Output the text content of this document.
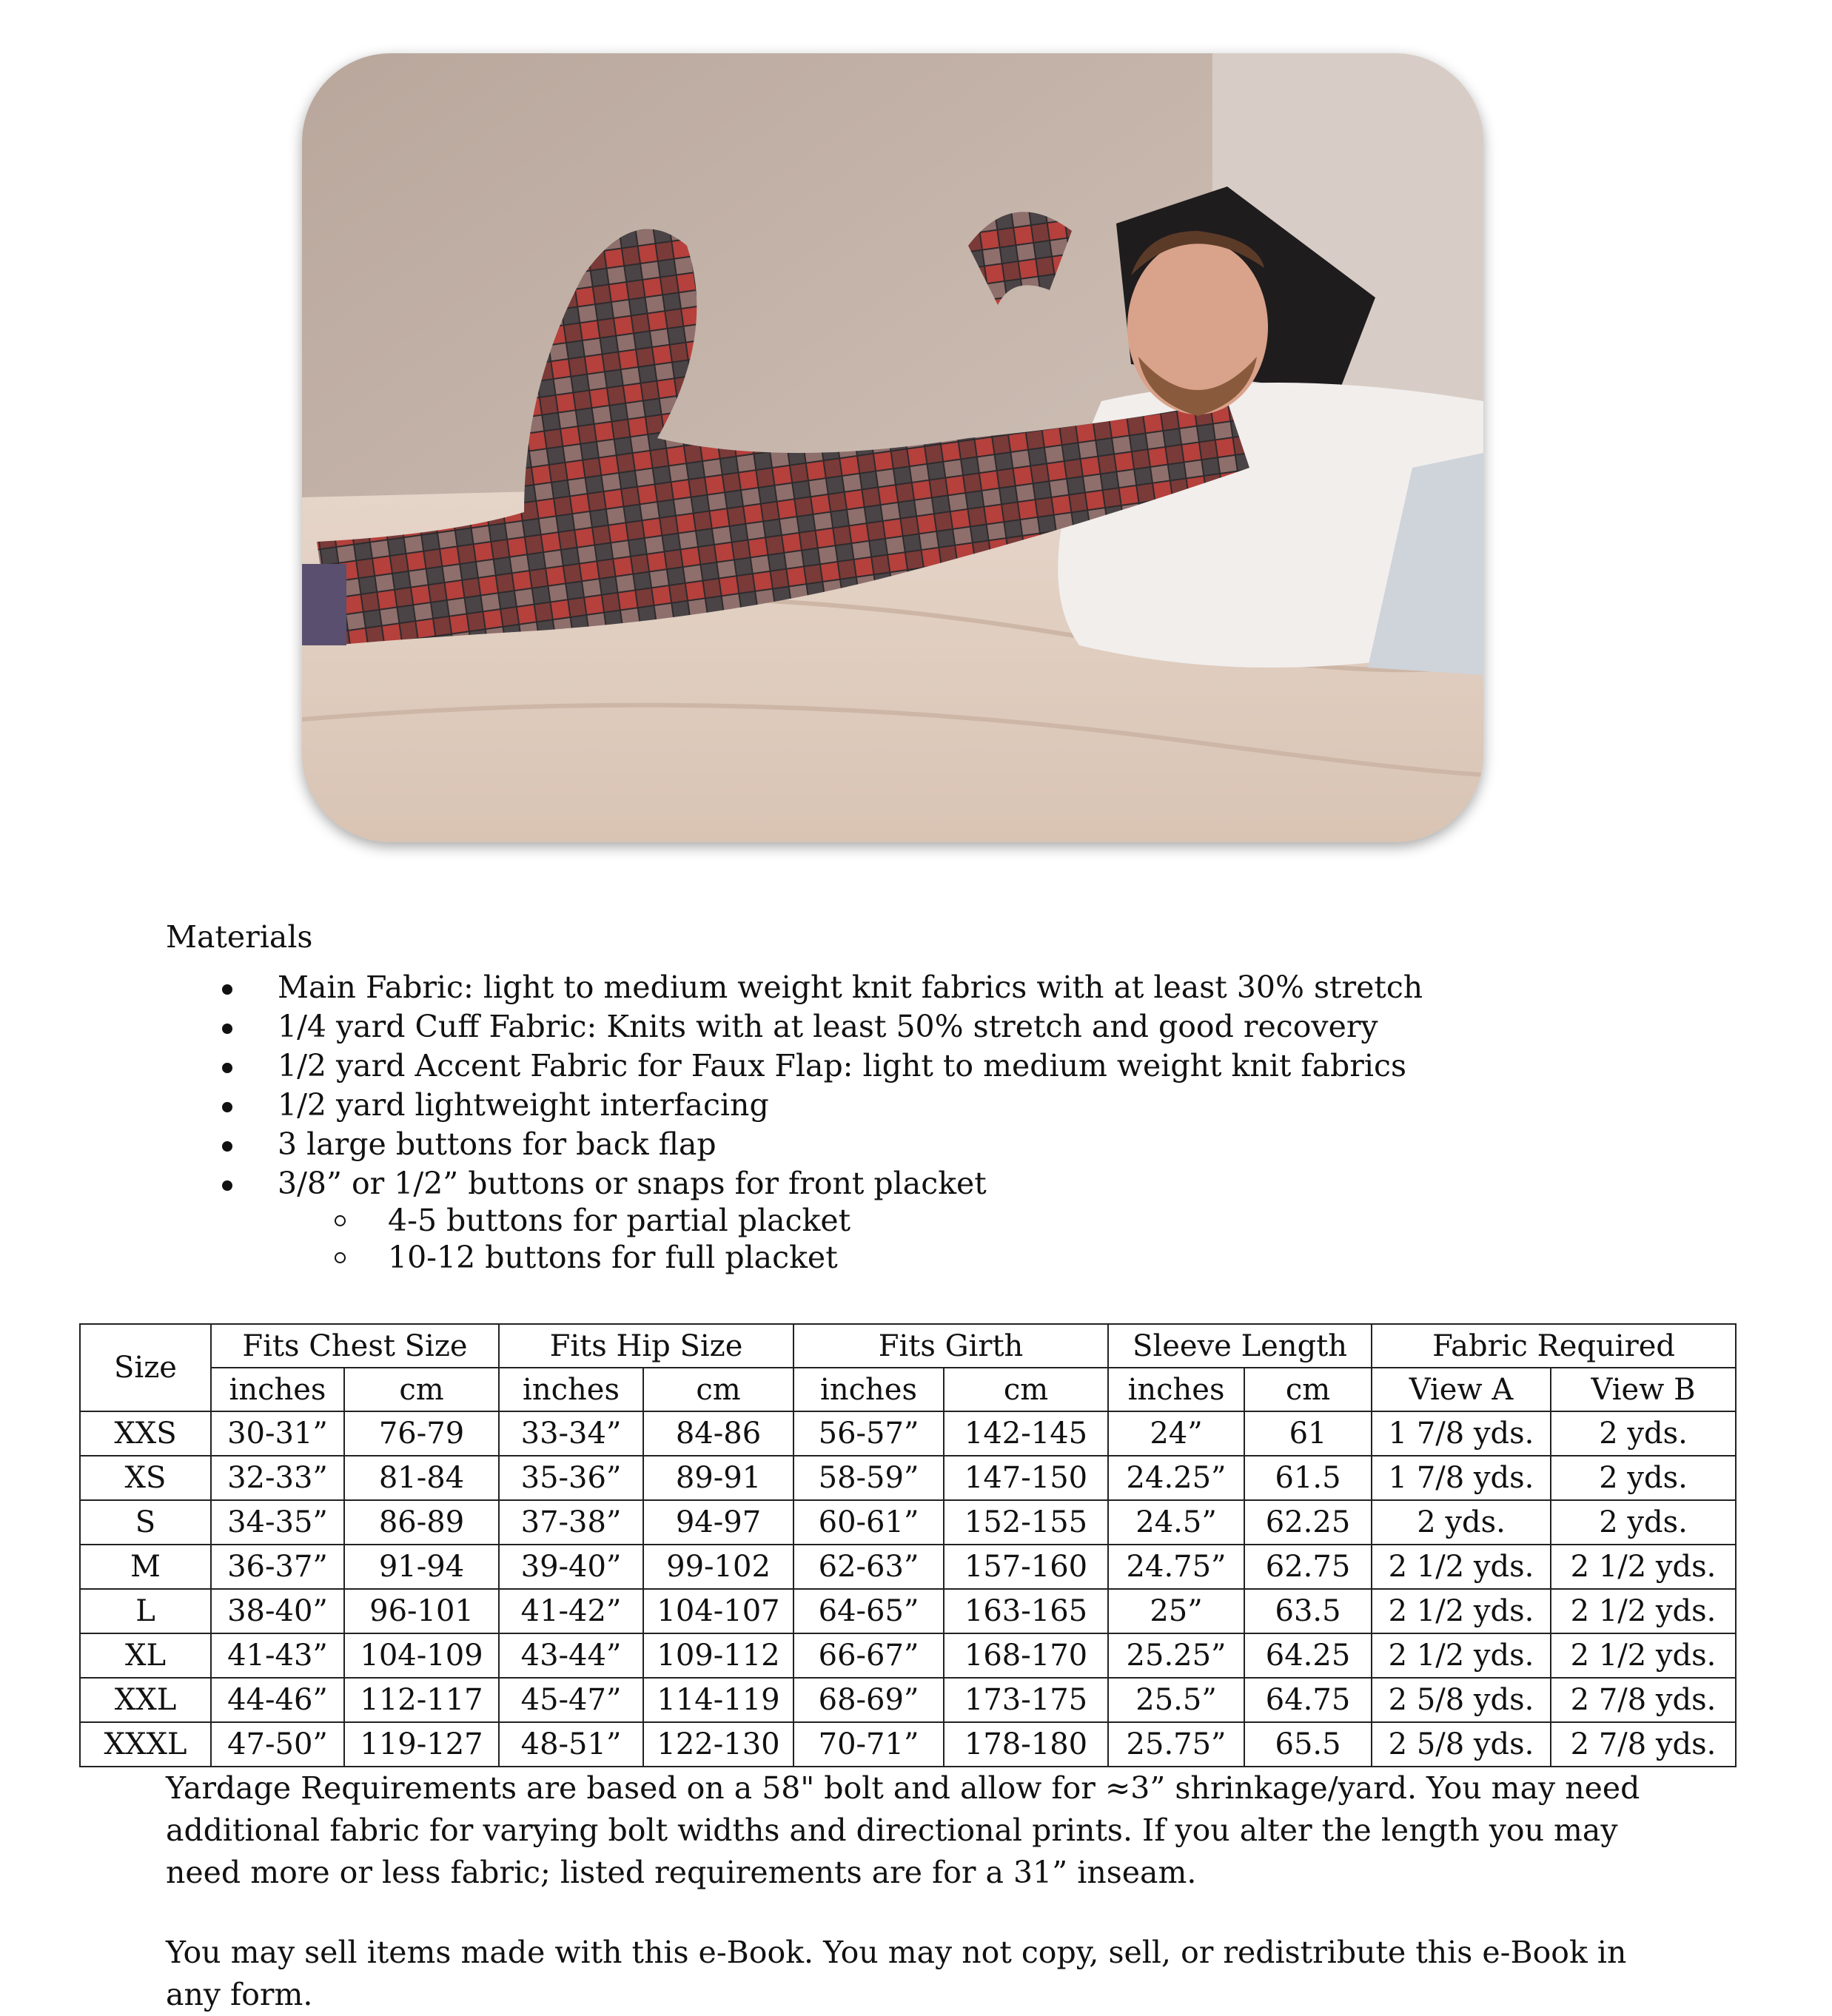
Materials
Main Fabric: light to medium weight knit fabrics with at least 30% stretch
1/4 yard Cuff Fabric: Knits with at least 50% stretch and good recovery
1/2 yard Accent Fabric for Faux Flap: light to medium weight knit fabrics
1/2 yard lightweight interfacing
3 large buttons for back flap
3/8” or 1/2” buttons or snaps for front placket
4-5 buttons for partial placket
10-12 buttons for full placket
Size	Fits Chest Size		Fits Hip Size		Fits Girth		Sleeve Length		Fabric Required	
	inches	cm	inches	cm	inches	cm	inches	cm	View A	View B
XXS	30-31”	76-79	33-34”	84-86	56-57”	142-145	24”	61	1 7/8 yds.	2 yds.
XS	32-33”	81-84	35-36”	89-91	58-59”	147-150	24.25”	61.5	1 7/8 yds.	2 yds.
S	34-35”	86-89	37-38”	94-97	60-61”	152-155	24.5”	62.25	2 yds.	2 yds.
M	36-37”	91-94	39-40”	99-102	62-63”	157-160	24.75”	62.75	2 1/2 yds.	2 1/2 yds.
L	38-40”	96-101	41-42”	104-107	64-65”	163-165	25”	63.5	2 1/2 yds.	2 1/2 yds.
XL	41-43”	104-109	43-44”	109-112	66-67”	168-170	25.25”	64.25	2 1/2 yds.	2 1/2 yds.
XXL	44-46”	112-117	45-47”	114-119	68-69”	173-175	25.5”	64.75	2 5/8 yds.	2 7/8 yds.
XXXL	47-50”	119-127	48-51”	122-130	70-71”	178-180	25.75”	65.5	2 5/8 yds.	2 7/8 yds.

Yardage Requirements are based on a 58" bolt and allow for ≈3” shrinkage/yard. You may need additional fabric for varying bolt widths and directional prints. If you alter the length you may need more or less fabric; listed requirements are for a 31” inseam.

You may sell items made with this e-Book. You may not copy, sell, or redistribute this e-Book in any form.
